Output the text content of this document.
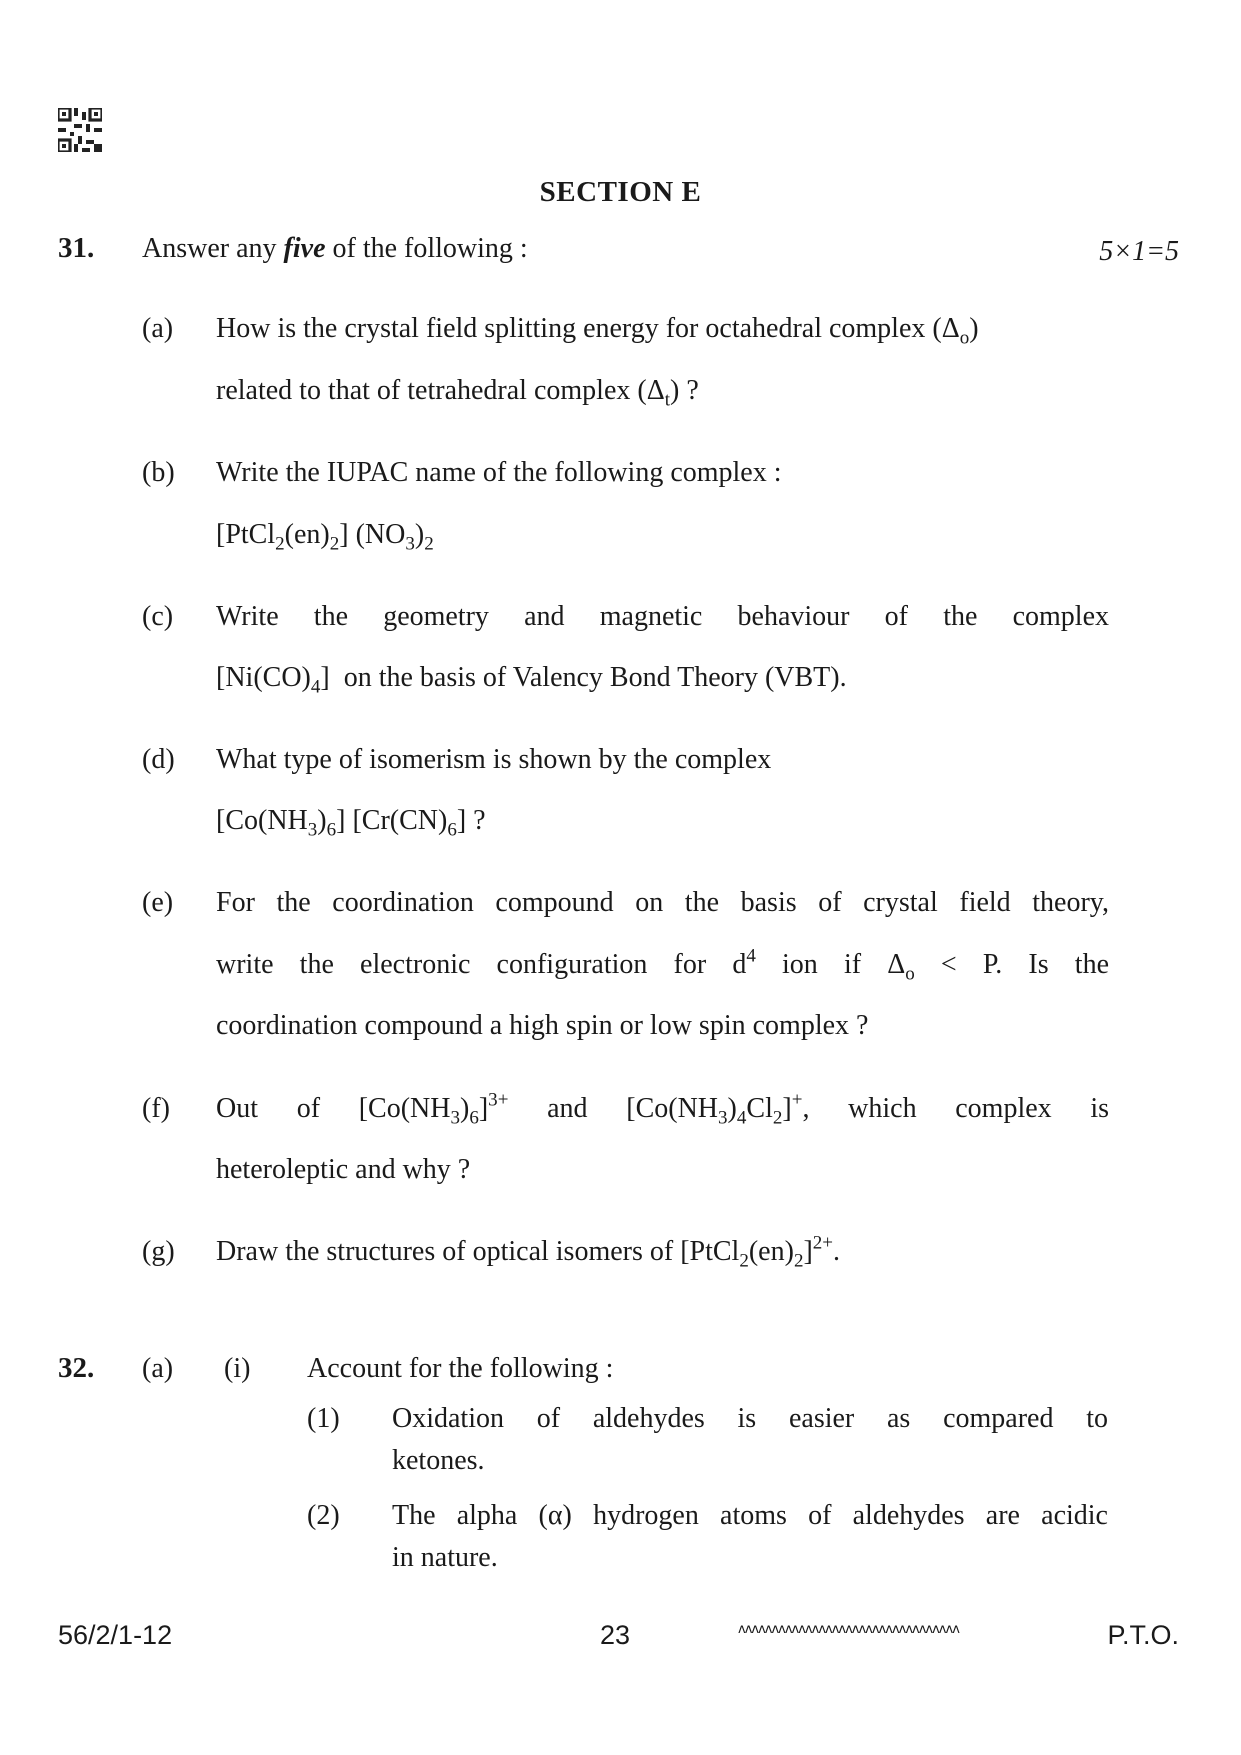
SECTION E
31. Answer any five of the following :	5×1=5
(a) How is the crystal field splitting energy for octahedral complex $(\Delta_o)$
related to that of tetrahedral complex $(\Delta_t)$ ?
(b) Write the IUPAC name of the following complex :
$[PtCl_2(en)_2]$ $(NO_3)_2$
(c) Write the geometry and magnetic behaviour of the complex
$[Ni(CO)_4]$  on the basis of Valency Bond Theory (VBT).
(d) What type of isomerism is shown by the complex
$[Co(NH_3)_6]$ $[Cr(CN)_6]$ ?
(e) For the coordination compound on the basis of crystal field theory,
write the electronic configuration for $d^4$ ion if $\Delta_o < P$. Is the
coordination compound a high spin or low spin complex ?
(f) Out of $[Co(NH_3)_6]^{3+}$ and $[Co(NH_3)_4Cl_2]^+$, which complex is
heteroleptic and why ?
(g) Draw the structures of optical isomers of $[PtCl_2(en)_2]^{2+}$.
32. (a) (i) Account for the following :
(1) Oxidation of aldehydes is easier as compared to
ketones.
(2) The alpha (α) hydrogen atoms of aldehydes are acidic
in nature.
56/2/1-12	23	ʌʌʌʌʌʌʌʌʌʌʌʌʌʌʌʌʌʌʌʌʌʌʌʌʌʌʌʌʌʌʌʌʌ	P.T.O.
